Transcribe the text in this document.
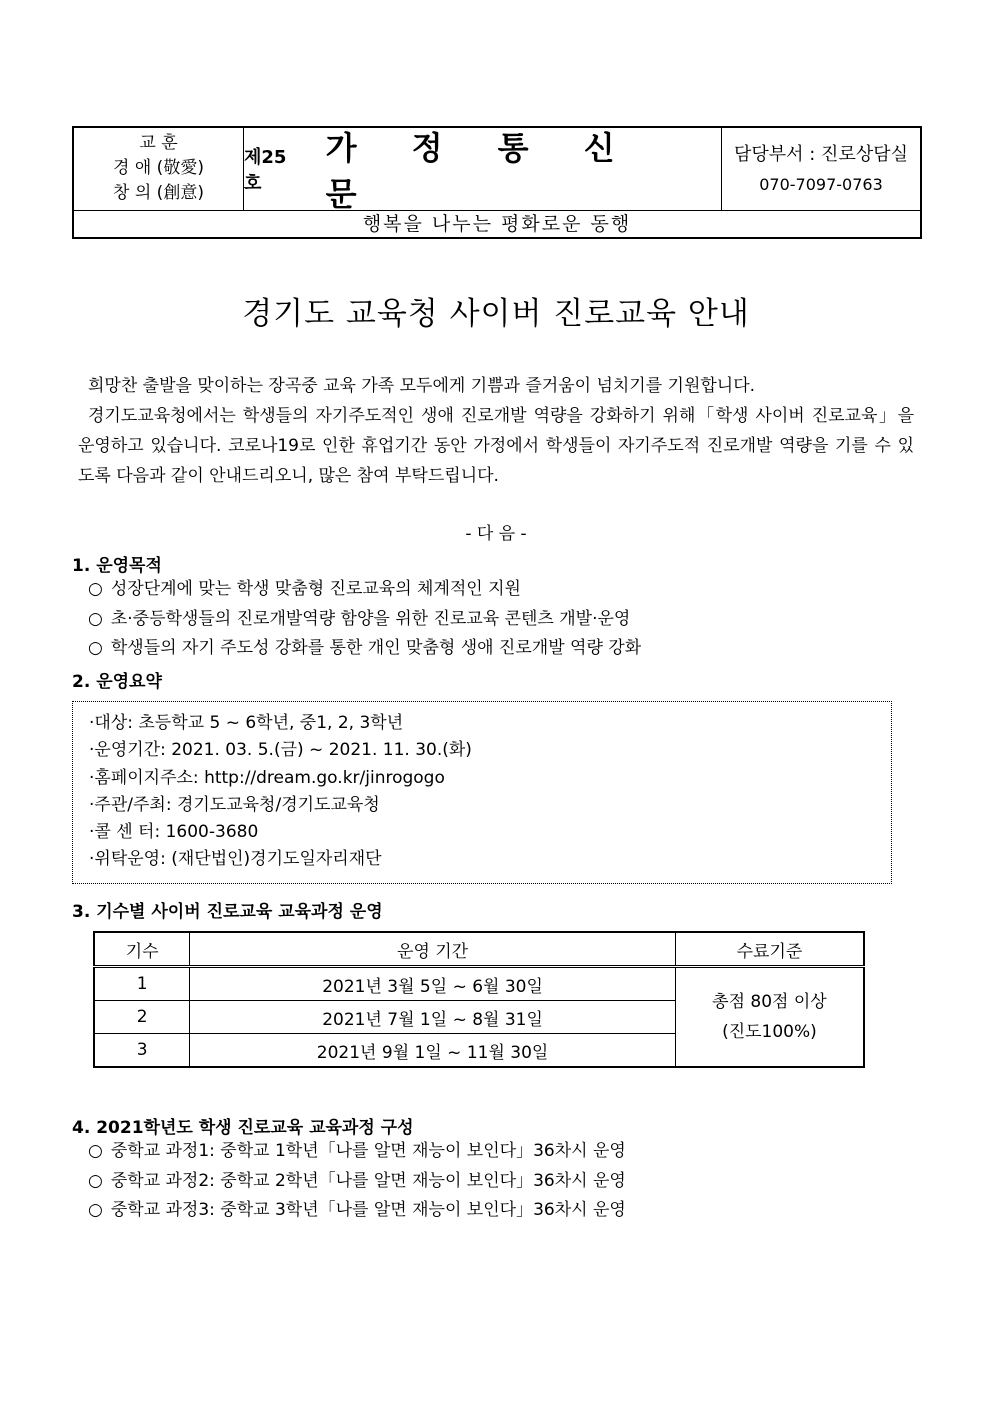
교 훈
경 애 (敬愛)
창 의 (創意)
제25호
가 정 통 신 문
담당부서 : 진로상담실
070-7097-0763
행복을 나누는 평화로운 동행
경기도 교육청 사이버 진로교육 안내

희망찬 출발을 맞이하는 장곡중 교육 가족 모두에게 기쁨과 즐거움이 넘치기를 기원합니다.

경기도교육청에서는 학생들의 자기주도적인 생애 진로개발 역량을 강화하기 위해「학생 사이버 진로교육」을 운영하고 있습니다. 코로나19로 인한 휴업기간 동안 가정에서 학생들이 자기주도적 진로개발 역량을 기를 수 있도록 다음과 같이 안내드리오니, 많은 참여 부탁드립니다.

- 다 음 -
1. 운영목적
○ 성장단계에 맞는 학생 맞춤형 진로교육의 체계적인 지원
○ 초·중등학생들의 진로개발역량 함양을 위한 진로교육 콘텐츠 개발·운영
○ 학생들의 자기 주도성 강화를 통한 개인 맞춤형 생애 진로개발 역량 강화
2. 운영요약
·대상: 초등학교 5 ~ 6학년, 중1, 2, 3학년
·운영기간: 2021. 03. 5.(금) ~ 2021. 11. 30.(화)
·홈페이지주소: http://dream.go.kr/jinrogogo
·주관/주최: 경기도교육청/경기도교육청
·콜 센 터: 1600-3680
·위탁운영: (재단법인)경기도일자리재단
3. 기수별 사이버 진로교육 교육과정 운영
기수	운영 기간	수료기준
1	2021년 3월 5일 ~ 6월 30일	총점 80점 이상
(진도100%)

2	2021년 7월 1일 ~ 8월 31일	
3	2021년 9월 1일 ~ 11월 30일	
4. 2021학년도 학생 진로교육 교육과정 구성
○ 중학교 과정1: 중학교 1학년「나를 알면 재능이 보인다」36차시 운영
○ 중학교 과정2: 중학교 2학년「나를 알면 재능이 보인다」36차시 운영
○ 중학교 과정3: 중학교 3학년「나를 알면 재능이 보인다」36차시 운영
